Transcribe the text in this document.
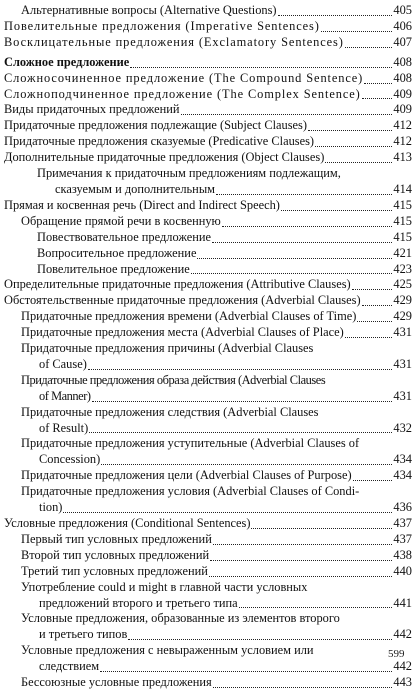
Альтернативные вопросы (Alternative Questions)	405
Повелительные предложения (Imperative Sentences)	406
Восклицательные предложения (Exclamatory Sentences)	407
Сложное предложение	408
Сложносочиненное предложение (The Compound Sentence) 408
Сложноподчиненное предложение (The Complex Sentence)	409
Виды придаточных предложений	409
Придаточные предложения подлежащие (Subject Clauses)	412
Придаточные предложения сказуемые (Predicative Clauses)	412
Дополнительные придаточные предложения (Object Clauses)	413
Примечания к придаточным предложениям подлежащим,
сказуемым и дополнительным	414
Прямая и косвенная речь (Direct and Indirect Speech)	415
Обращение прямой речи в косвенную	415
Повествовательное предложение	415
Вопросительное предложение	421
Повелительное предложение	423
Определительные придаточные предложения (Attributive Clauses)	425
Обстоятельственные придаточные предложения (Adverbial Clauses)	429
Придаточные предложения времени (Adverbial Clauses of Time)	429
Придаточные предложения места (Adverbial Clauses of Place)	431
Придаточные предложения причины (Adverbial Clauses
of Cause)	431
Придаточные предложения образа действия (Adverbial Clauses
of Manner)	431
Придаточные предложения следствия (Adverbial Clauses
of Result)	432
Придаточные предложения уступительные (Adverbial Clauses of
Concession)	434
Придаточные предложения цели (Adverbial Clauses of Purpose)	434
Придаточные предложения условия (Adverbial Clauses of Condi-
tion)	436
Условные предложения (Conditional Sentences)	437
Первый тип условных предложений	437
Второй тип условных предложений	438
Третий тип условных предложений	440
Употребление could и might в главной части условных
предложений второго и третьего типа	441
Условные предложения, образованные из элементов второго
и третьего типов	442
Условные предложения с невыраженным условием или
следствием	442
Бессоюзные условные предложения	443
599
